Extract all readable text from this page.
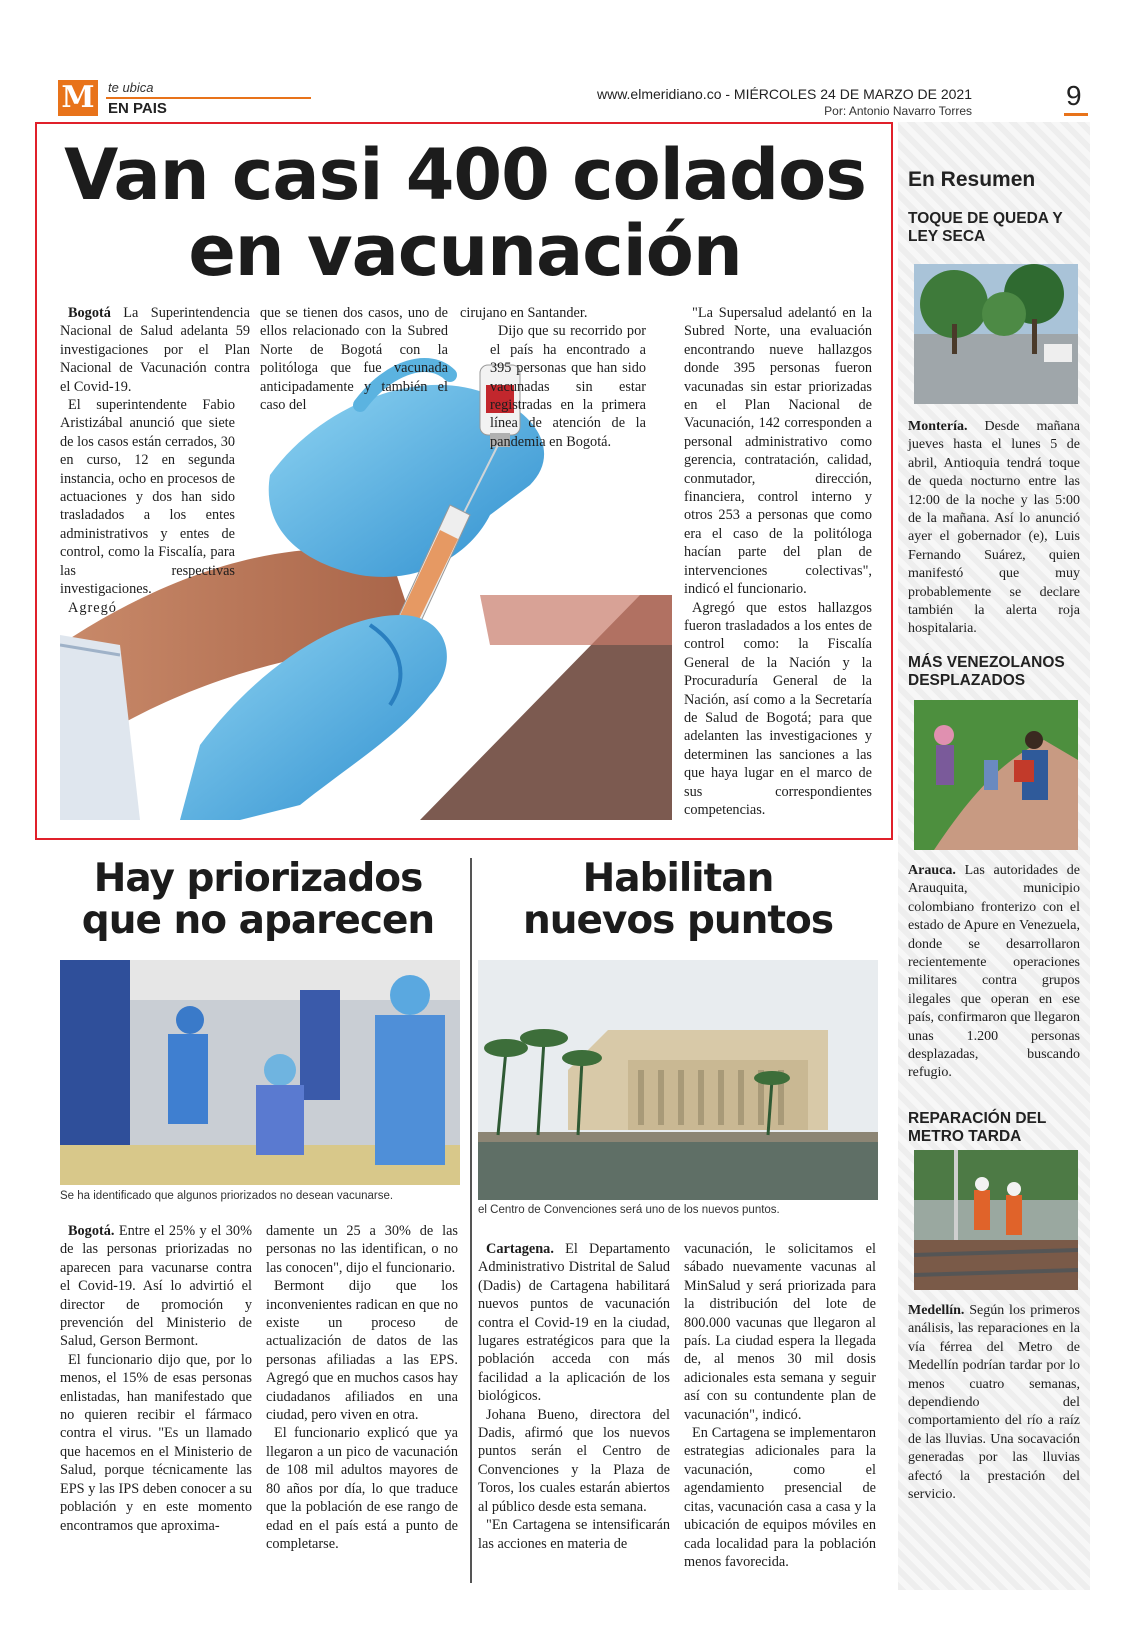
M te ubica
EN PAIS
www.elmeridiano.co - MIÉRCOLES 24 DE MARZO DE 2021
Por: Antonio Navarro Torres	9
Van casi 400 colados
en vacunación

Bogotá La Superintendencia Nacional de Salud adelanta 59 investigaciones por el Plan Nacional de Vacunación contra el Covid-19.

El superintendente Fabio Aristizábal anunció que siete de los casos están cerrados, 30 en curso, 12 en segunda instancia, ocho en procesos de actuaciones y dos han sido trasladados a los entes administrativos y entes de control, como la Fiscalía, para las respectivas investigaciones.

Agregó

que se tienen dos casos, uno de ellos relacionado con la Subred Norte de Bogotá con la politóloga que fue vacunada anticipadamente y también el caso del

cirujano en Santander.

Dijo que su recorrido por el país ha encontrado a 395 personas que han sido vacunadas sin estar registradas en la primera línea de atención de la pandemia en Bogotá.

"La Supersalud adelantó en la Subred Norte, una evaluación encontrando nueve hallazgos donde 395 personas fueron vacunadas sin estar priorizadas en el Plan Nacional de Vacunación, 142 corresponden a personal administrativo como gerencia, contratación, calidad, conmutador, dirección, financiera, control interno y otros 253 a personas que como era el caso de la politóloga hacían parte del plan de intervenciones colectivas", indicó el funcionario.

Agregó que estos hallazgos fueron trasladados a los entes de control como: la Fiscalía General de la Nación y la Procuraduría General de la Nación, así como a la Secretaría de Salud de Bogotá; para que adelanten las investigaciones y determinen las sanciones a las que haya lugar en el marco de sus correspondientes competencias.

En Resumen
TOQUE DE QUEDA Y LEY SECA
Montería. Desde mañana jueves hasta el lunes 5 de abril, Antioquia tendrá toque de queda nocturno entre las 12:00 de la noche y las 5:00 de la mañana. Así lo anunció ayer el gobernador (e), Luis Fernando Suárez, quien manifestó que muy probablemente se declare también la alerta roja hospitalaria.
MÁS VENEZOLANOS DESPLAZADOS
Arauca. Las autoridades de Arauquita, municipio colombiano fronterizo con el estado de Apure en Venezuela, donde se desarrollaron recientemente operaciones militares contra grupos ilegales que operan en ese país, confirmaron que llegaron unas 1.200 personas desplazadas, buscando refugio.
REPARACIÓN DEL METRO TARDA
Medellín. Según los primeros análisis, las reparaciones en la vía férrea del Metro de Medellín podrían tardar por lo menos cuatro semanas, dependiendo del comportamiento del río a raíz de las lluvias. Una socavación generadas por las lluvias afectó la prestación del servicio.
Hay priorizados
que no aparecen
Se ha identificado que algunos priorizados no desean vacunarse.

Bogotá. Entre el 25% y el 30% de las personas priorizadas no aparecen para vacunarse contra el Covid-19. Así lo advirtió el director de promoción y prevención del Ministerio de Salud, Gerson Bermont.

El funcionario dijo que, por lo menos, el 15% de esas personas enlistadas, han manifestado que no quieren recibir el fármaco contra el virus. "Es un llamado que hacemos en el Ministerio de Salud, porque técnicamente las EPS y las IPS deben conocer a su población y en este momento encontramos que aproxima-

damente un 25 a 30% de las personas no las identifican, o no las conocen", dijo el funcionario.

Bermont dijo que los inconvenientes radican en que no existe un proceso de actualización de datos de las personas afiliadas a las EPS. Agregó que en muchos casos hay ciudadanos afiliados en una ciudad, pero viven en otra.

El funcionario explicó que ya llegaron a un pico de vacunación de 108 mil adultos mayores de 80 años por día, lo que traduce que la población de ese rango de edad en el país está a punto de completarse.

Habilitan
nuevos puntos
el Centro de Convenciones será uno de los nuevos puntos.

Cartagena. El Departamento Administrativo Distrital de Salud (Dadis) de Cartagena habilitará nuevos puntos de vacunación contra el Covid-19 en la ciudad, lugares estratégicos para que la población acceda con más facilidad a la aplicación de los biológicos.

Johana Bueno, directora del Dadis, afirmó que los nuevos puntos serán el Centro de Convenciones y la Plaza de Toros, los cuales estarán abiertos al público desde esta semana.

"En Cartagena se intensificarán las acciones en materia de

vacunación, le solicitamos el sábado nuevamente vacunas al MinSalud y será priorizada para la distribución del lote de 800.000 vacunas que llegaron al país. La ciudad espera la llegada de, al menos 30 mil dosis adicionales esta semana y seguir así con su contundente plan de vacunación", indicó.

En Cartagena se implementaron estrategias adicionales para la vacunación, como el agendamiento presencial de citas, vacunación casa a casa y la ubicación de equipos móviles en cada localidad para la población menos favorecida.
